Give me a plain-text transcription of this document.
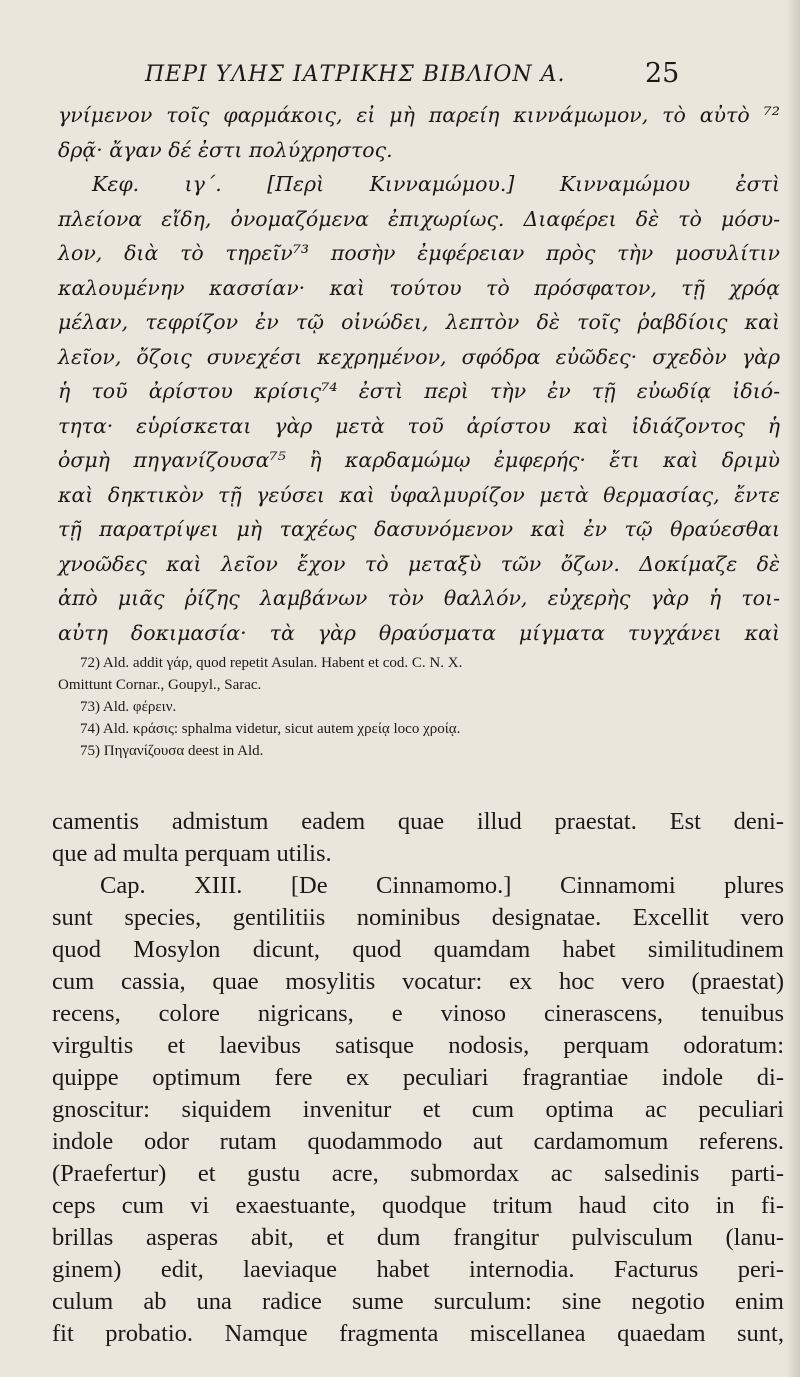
ΠΕΡΙ ΥΛΗΣ ΙΑΤΡΙΚΗΣ ΒΙΒΛΙΟΝ Α.	25
γνίμενον τοῖς φαρμάκοις, εἰ μὴ παρείη κιννάμωμον, τὸ αὐτὸ ⁷²
δρᾷ· ἄγαν δέ ἐστι πολύχρηστος.
Κεφ. ιγ΄. [Περὶ Κινναμώμου.] Κινναμώμου ἐστὶ
πλείονα εἴδη, ὀνομαζόμενα ἐπιχωρίως. Διαφέρει δὲ τὸ μόσυ-
λον, διὰ τὸ τηρεῖν⁷³ ποσὴν ἐμφέρειαν πρὸς τὴν μοσυλίτιν
καλουμένην κασσίαν· καὶ τούτου τὸ πρόσφατον, τῇ χρόᾳ
μέλαν, τεφρίζον ἐν τῷ οἰνώδει, λεπτὸν δὲ τοῖς ῥαβδίοις καὶ
λεῖον, ὄζοις συνεχέσι κεχρημένον, σφόδρα εὐῶδες· σχεδὸν γὰρ
ἡ τοῦ ἀρίστου κρίσις⁷⁴ ἐστὶ περὶ τὴν ἐν τῇ εὐωδίᾳ ἰδιό-
τητα· εὑρίσκεται γὰρ μετὰ τοῦ ἀρίστου καὶ ἰδιάζοντος ἡ
ὀσμὴ πηγανίζουσα⁷⁵ ἢ καρδαμώμῳ ἐμφερής· ἔτι καὶ δριμὺ
καὶ δηκτικὸν τῇ γεύσει καὶ ὑφαλμυρίζον μετὰ θερμασίας, ἔντε
τῇ παρατρίψει μὴ ταχέως δασυνόμενον καὶ ἐν τῷ θραύεσθαι
χνοῶδες καὶ λεῖον ἔχον τὸ μεταξὺ τῶν ὄζων. Δοκίμαζε δὲ
ἀπὸ μιᾶς ῥίζης λαμβάνων τὸν θαλλόν, εὐχερὴς γὰρ ἡ τοι-
αὐτη δοκιμασία· τὰ γὰρ θραύσματα μίγματα τυγχάνει καὶ
72) Ald. addit γάρ, quod repetit Asulan. Habent et cod. C. N. X.
Omittunt Cornar., Goupyl., Sarac.
73) Ald. φέρειν.
74) Ald. κράσις: sphalma videtur, sicut autem χρείᾳ loco χροίᾳ.
75) Πηγανίζουσα deest in Ald.
camentis admistum eadem quae illud praestat. Est deni-
que ad multa perquam utilis.
Cap. XIII. [De Cinnamomo.] Cinnamomi plures
sunt species, gentilitiis nominibus designatae. Excellit vero
quod Mosylon dicunt, quod quamdam habet similitudinem
cum cassia, quae mosylitis vocatur: ex hoc vero (praestat)
recens, colore nigricans, e vinoso cinerascens, tenuibus
virgultis et laevibus satisque nodosis, perquam odoratum:
quippe optimum fere ex peculiari fragrantiae indole di-
gnoscitur: siquidem invenitur et cum optima ac peculiari
indole odor rutam quodammodo aut cardamomum referens.
(Praefertur) et gustu acre, submordax ac salsedinis parti-
ceps cum vi exaestuante, quodque tritum haud cito in fi-
brillas asperas abit, et dum frangitur pulvisculum (lanu-
ginem) edit, laeviaque habet internodia. Facturus peri-
culum ab una radice sume surculum: sine negotio enim
fit probatio. Namque fragmenta miscellanea quaedam sunt,
